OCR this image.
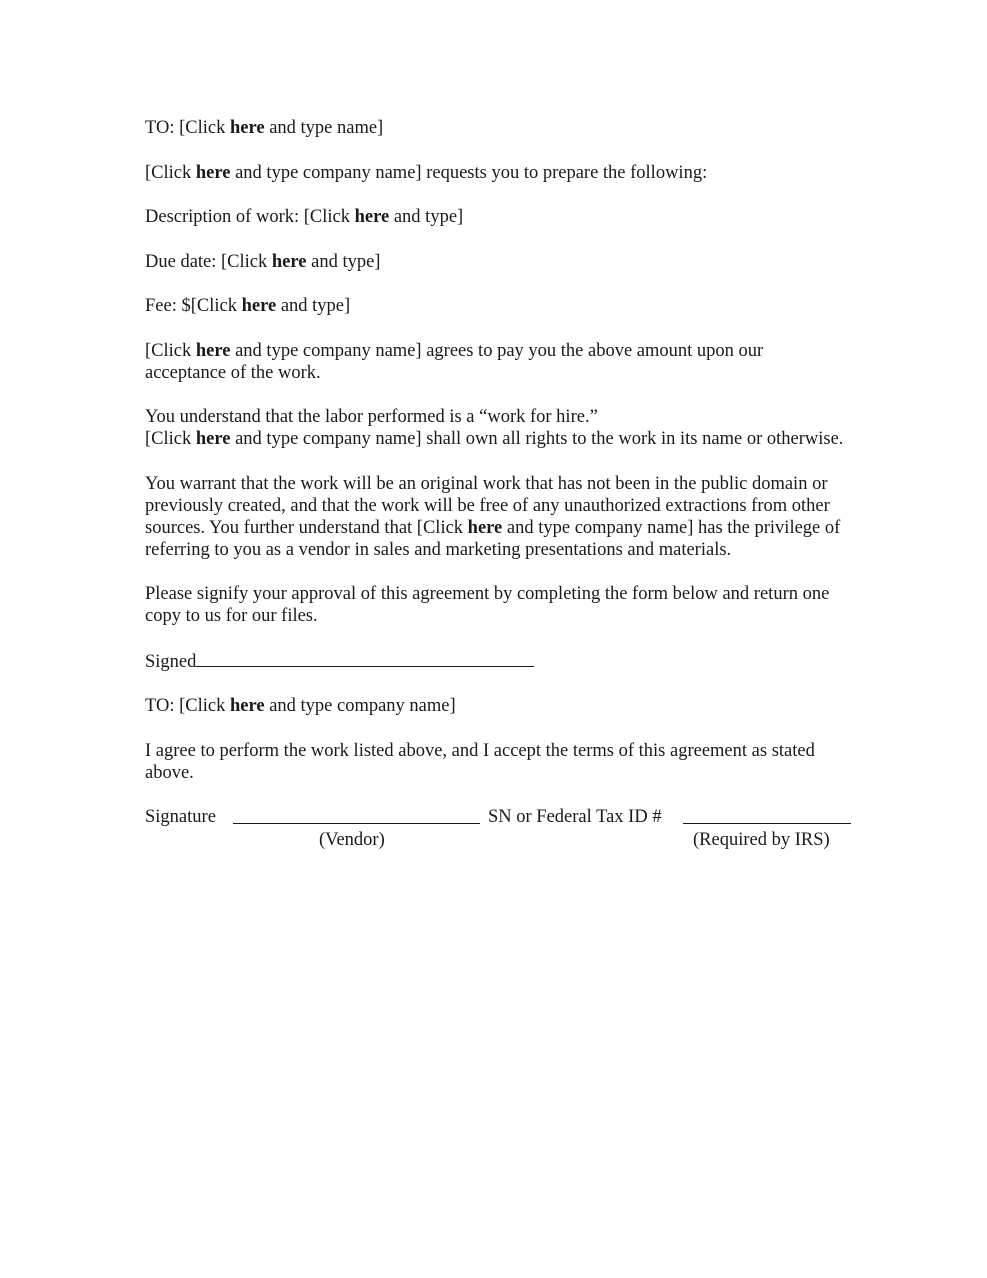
TO: [Click here and type name]

[Click here and type company name] requests you to prepare the following:

Description of work: [Click here and type]

Due date: [Click here and type]

Fee: $[Click here and type]

[Click here and type company name] agrees to pay you the above amount upon our acceptance of the work.

You understand that the labor performed is a “work for hire.”

[Click here and type company name] shall own all rights to the work in its name or otherwise.

You warrant that the work will be an original work that has not been in the public domain or previously created, and that the work will be free of any unauthorized extractions from other sources. You further understand that [Click here and type company name] has the privilege of referring to you as a vendor in sales and marketing presentations and materials.

Please signify your approval of this agreement by completing the form below and return one copy to us for our files.

Signed

TO: [Click here and type company name]

I agree to perform the work listed above, and I accept the terms of this agreement as stated above.

Signature
(Vendor)
SN or Federal Tax ID #
(Required by IRS)
